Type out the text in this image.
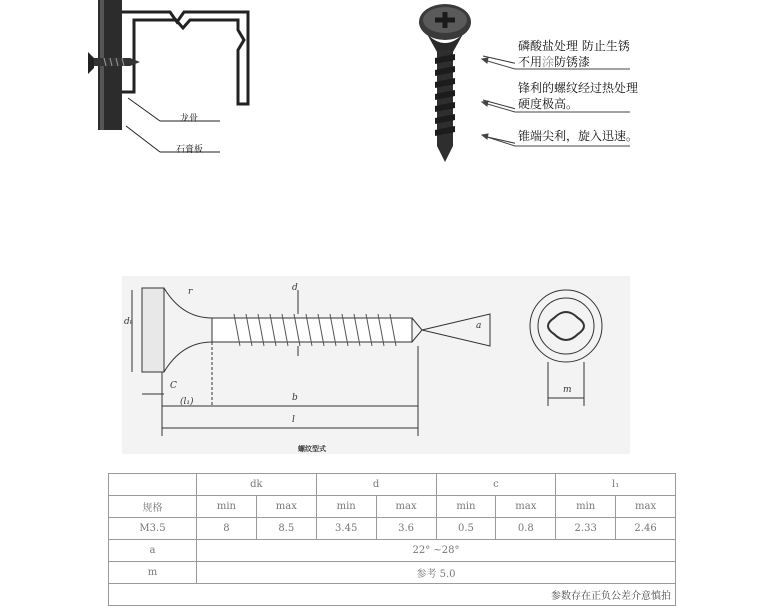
龙骨
石膏板
磷酸盐处理 防止生锈
不用涂防锈漆
锋利的螺纹经过热处理
硬度极高。
锥端尖利，旋入迅速。
dₖ
r	d
a
C
(l₁)	b
l
m
螺纹型式
	dk		d		c		l₁	
规格	min	max	min	max	min	max	min	max
M3.5	8	8.5	3.45	3.6	0.5	0.8	2.33	2.46
a	22° ~28°							
m	参考 5.0							
参数存在正负公差介意慎拍								
